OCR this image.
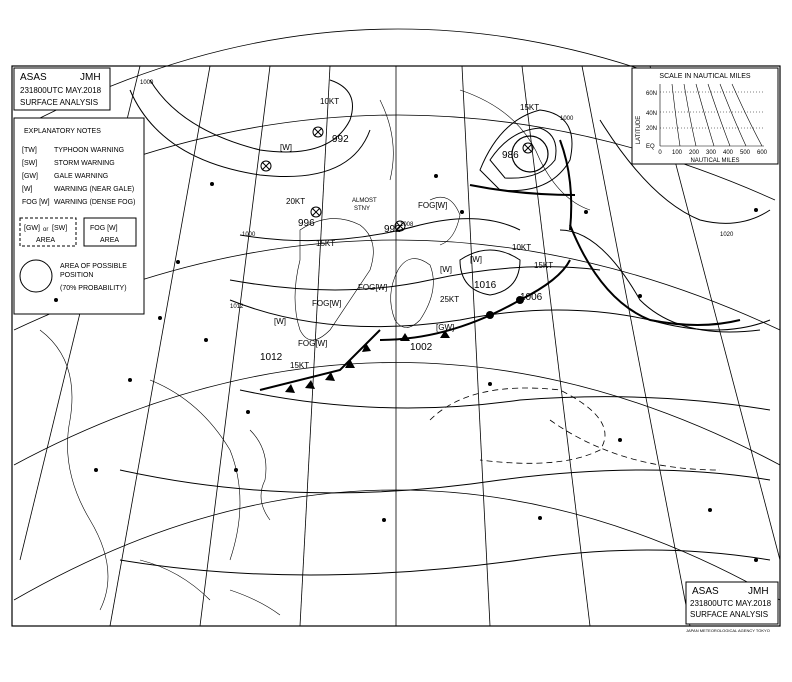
SCALE IN NAUTICAL MILES
LATITUDE
60N
40N
20N
EQ
0 100 200 300 400 500 600
NAUTICAL MILES
ASAS	JMH
231800UTC MAY.2018
SURFACE ANALYSIS
EXPLANATORY NOTES
[TW] TYPHOON WARNING
[SW] STORM WARNING
[GW] GALE WARNING
[W]	WARNING (NEAR GALE)
FOG [W] WARNING (DENSE FOG)
[GW] or [SW]
AREA
FOG [W]
AREA
AREA OF POSSIBLE
POSITION
(70% PROBABILITY)
996
992
992
986
1016
1006
1002
1012
10KT
15KT
20KT
15KT
10KT
15KT
25KT
15KT
FOG[W]
FOG[W]
FOG[W]
FOG[W]
[GW]
[W]
[W]
[W]
[W]
ALMOST
STNY
1000
1000	1020
1000
1012
1008
ASAS	JMH
231800UTC MAY.2018
SURFACE ANALYSIS
JAPAN METEOROLOGICAL AGENCY TOKYO
